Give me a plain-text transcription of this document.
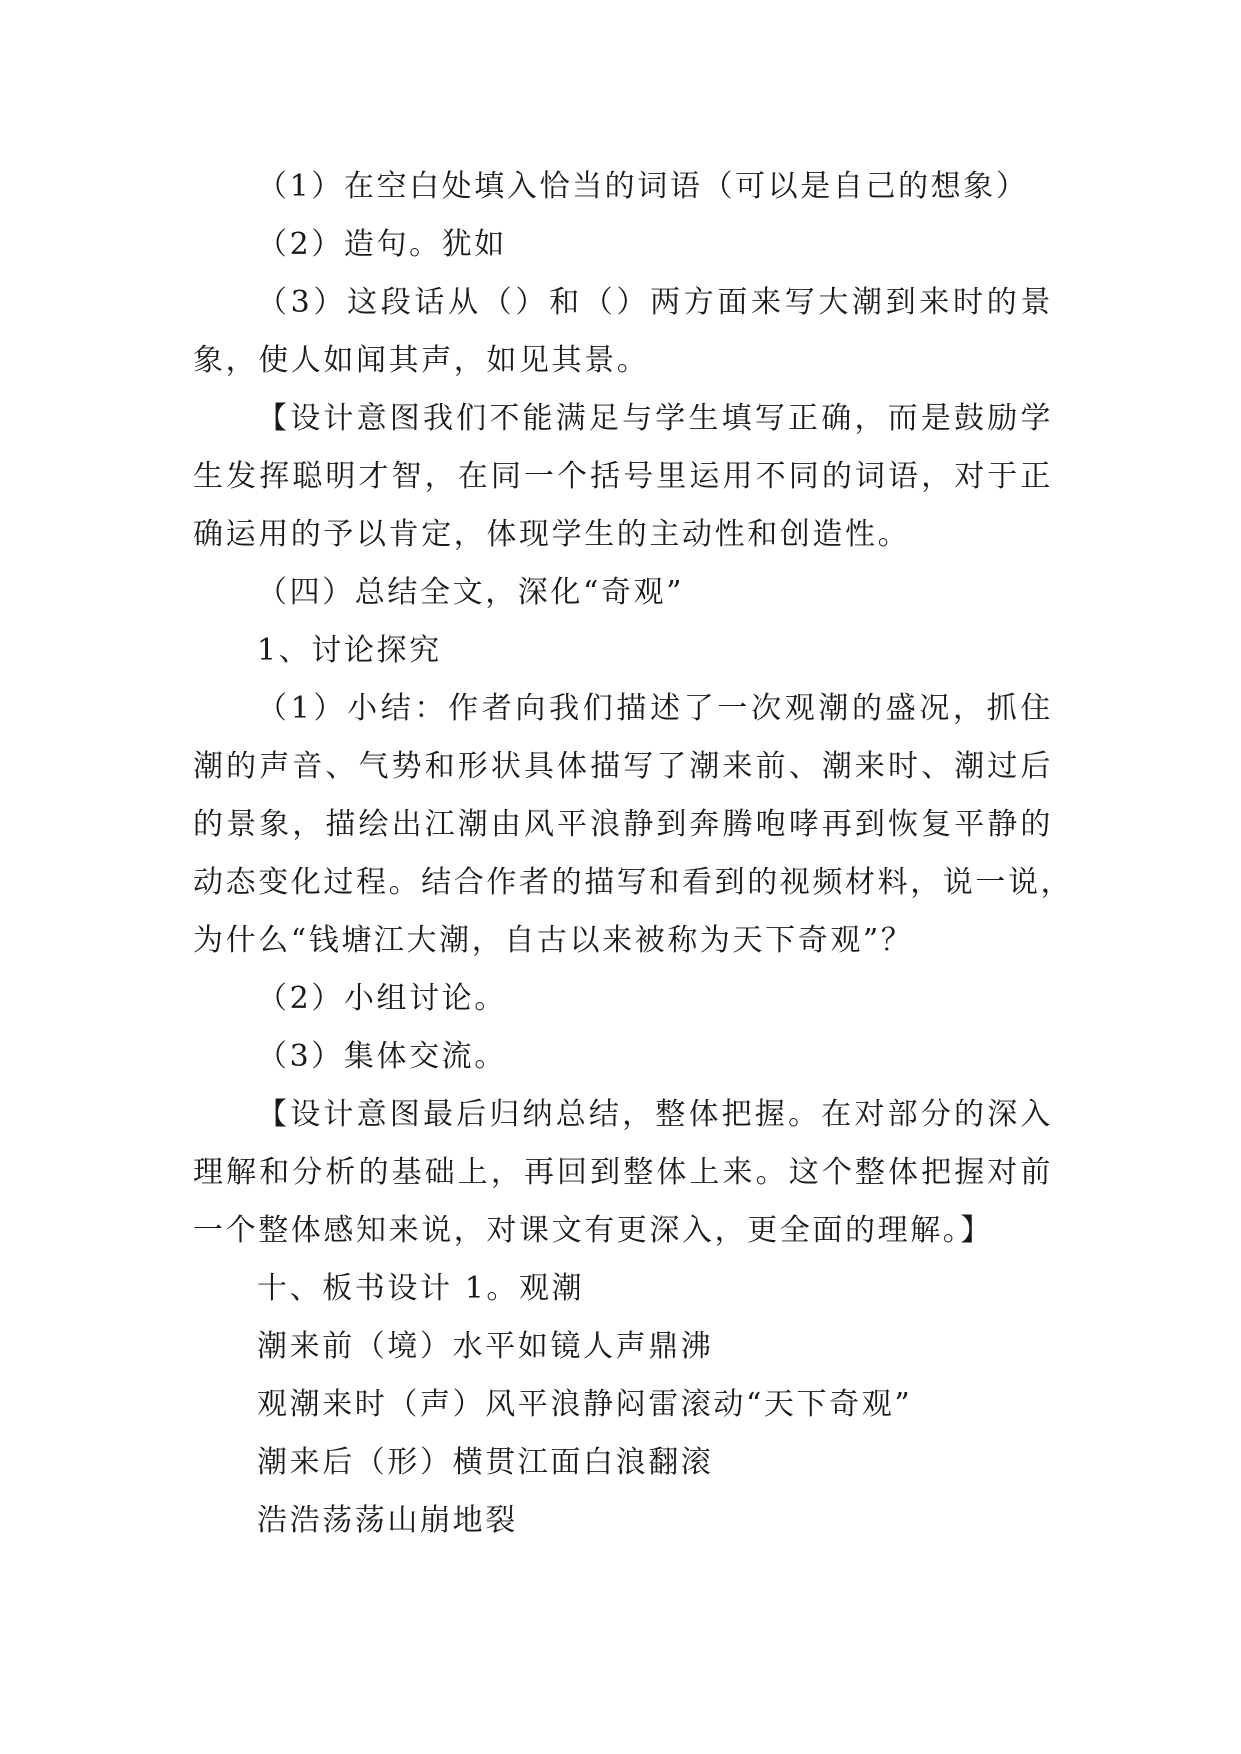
（1）在空白处填入恰当的词语（可以是自己的想象）
（2）造句。犹如
（3）这段话从（）和（）两方面来写大潮到来时的景
象，使人如闻其声，如见其景。
【设计意图我们不能满足与学生填写正确，而是鼓励学
生发挥聪明才智，在同一个括号里运用不同的词语，对于正
确运用的予以肯定，体现学生的主动性和创造性。
（四）总结全文，深化“奇观”
1、讨论探究
（1）小结：作者向我们描述了一次观潮的盛况，抓住
潮的声音、气势和形状具体描写了潮来前、潮来时、潮过后
的景象，描绘出江潮由风平浪静到奔腾咆哮再到恢复平静的
动态变化过程。结合作者的描写和看到的视频材料，说一说，
为什么“钱塘江大潮，自古以来被称为天下奇观”？
（2）小组讨论。
（3）集体交流。
【设计意图最后归纳总结，整体把握。在对部分的深入
理解和分析的基础上，再回到整体上来。这个整体把握对前
一个整体感知来说，对课文有更深入，更全面的理解。】
十、板书设计 1。观潮
潮来前（境）水平如镜人声鼎沸
观潮来时（声）风平浪静闷雷滚动“天下奇观”
潮来后（形）横贯江面白浪翻滚
浩浩荡荡山崩地裂
